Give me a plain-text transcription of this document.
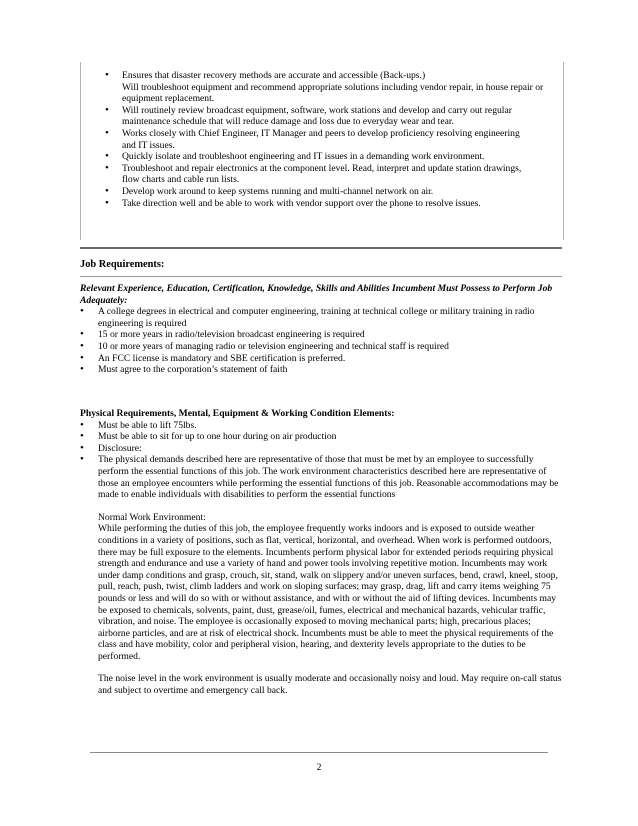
• Ensures that disaster recovery methods are accurate and accessible (Back-ups.)
Will troubleshoot equipment and recommend appropriate solutions including vendor repair, in house repair or equipment replacement.
• Will routinely review broadcast equipment, software, work stations and develop and carry out regular
maintenance schedule that will reduce damage and loss due to everyday wear and tear.
• Works closely with Chief Engineer, IT Manager and peers to develop proficiency resolving engineering
and IT issues.
• Quickly isolate and troubleshoot engineering and IT issues in a demanding work environment.
• Troubleshoot and repair electronics at the component level. Read, interpret and update station drawings,
flow charts and cable run lists.
• Develop work around to keep systems running and multi-channel network on air.
• Take direction well and be able to work with vendor support over the phone to resolve issues.
Job Requirements:

Relevant Experience, Education, Certification, Knowledge, Skills and Abilities Incumbent Must Possess to Perform Job Adequately:

• A college degrees in electrical and computer engineering, training at technical college or military training in radio engineering is required
• 15 or more years in radio/television broadcast engineering is required
• 10 or more years of managing radio or television engineering and technical staff is required
• An FCC license is mandatory and SBE certification is preferred.
• Must agree to the corporation’s statement of faith

Physical Requirements, Mental, Equipment & Working Condition Elements:

• Must be able to lift 75lbs.
• Must be able to sit for up to one hour during on air production
• Disclosure:
• The physical demands described here are representative of those that must be met by an employee to successfully perform the essential functions of this job. The work environment characteristics described here are representative of those an employee encounters while performing the essential functions of this job. Reasonable accommodations may be made to enable individuals with disabilities to perform the essential functions

Normal Work Environment:

While performing the duties of this job, the employee frequently works indoors and is exposed to outside weather conditions in a variety of positions, such as flat, vertical, horizontal, and overhead. When work is performed outdoors, there may be full exposure to the elements. Incumbents perform physical labor for extended periods requiring physical strength and endurance and use a variety of hand and power tools involving repetitive motion. Incumbents may work under damp conditions and grasp, crouch, sit, stand, walk on slippery and/or uneven surfaces, bend, crawl, kneel, stoop, pull, reach, push, twist, climb ladders and work on sloping surfaces; may grasp, drag, lift and carry items weighing 75 pounds or less and will do so with or without assistance, and with or without the aid of lifting devices. Incumbents may be exposed to chemicals, solvents, paint, dust, grease/oil, fumes, electrical and mechanical hazards, vehicular traffic, vibration, and noise. The employee is occasionally exposed to moving mechanical parts; high, precarious places; airborne particles, and are at risk of electrical shock. Incumbents must be able to meet the physical requirements of the class and have mobility, color and peripheral vision, hearing, and dexterity levels appropriate to the duties to be performed.

The noise level in the work environment is usually moderate and occasionally noisy and loud. May require on-call status and subject to overtime and emergency call back.

2
